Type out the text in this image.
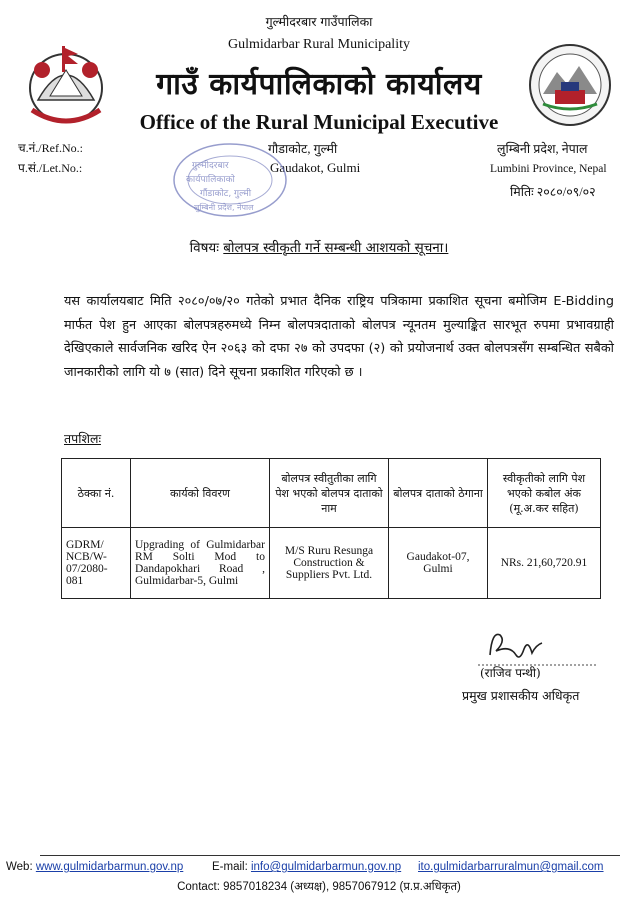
गुल्मीदरबार गाउँपालिका
Gulmidarbar Rural Municipality
गाउँ कार्यपालिकाको कार्यालय
Office of the Rural Municipal Executive
च.नं./Ref.No.:
प.सं./Let.No.:
गौडाकोट, गुल्मी
Gaudakot, Gulmi
लुम्बिनी प्रदेश, नेपाल
Lumbini Province, Nepal
मितिः २०८०/०९/०२
गुल्मीदरबार
कार्यपालिकाको
गौंडाकोट, गुल्मी
लुम्बिनी प्रदेश, नेपाल
विषयः बोलपत्र स्वीकृती गर्ने सम्बन्धी आशयको सूचना।
यस कार्यालयबाट मिति २०८०/०७/२० गतेको प्रभात दैनिक राष्ट्रिय पत्रिकामा प्रकाशित सूचना बमोजिम E-Bidding मार्फत पेश हुन आएका बोलपत्रहरुमध्ये निम्न बोलपत्रदाताको बोलपत्र न्यूनतम मुल्याङ्कित सारभूत रुपमा प्रभावग्राही देखिएकाले सार्वजनिक खरिद ऐन २०६३ को दफा २७ को उपदफा (२) को प्रयोजनार्थ उक्त बोलपत्रसँग सम्बन्धित सबैको जानकारीको लागि यो ७ (सात) दिने सूचना प्रकाशित गरिएको छ ।
तपशिलः
ठेक्का नं.	कार्यको विवरण	बोलपत्र स्वीतुतीका लागि पेश भएको बोलपत्र दाताको नाम	बोलपत्र दाताको ठेगाना	स्वीकृतीको लागि पेश भएको कबोल अंक (मू.अ.कर सहित)
GDRM/ NCB/W- 07/2080- 081	Upgrading of Gulmidarbar RM Solti Mod to Dandapokhari Road , Gulmidarbar-5, Gulmi	M/S Ruru Resunga Construction & Suppliers Pvt. Ltd.	Gaudakot-07, Gulmi	NRs. 21,60,720.91
(राजिव पन्थी)
प्रमुख प्रशासकीय अधिकृत
Web: www.gulmidarbarmun.gov.np E-mail: info@gulmidarbarmun.gov.np ito.gulmidarbarruralmun@gmail.com
Contact: 9857018234 (अध्यक्ष), 9857067912 (प्र.प्र.अधिकृत)
